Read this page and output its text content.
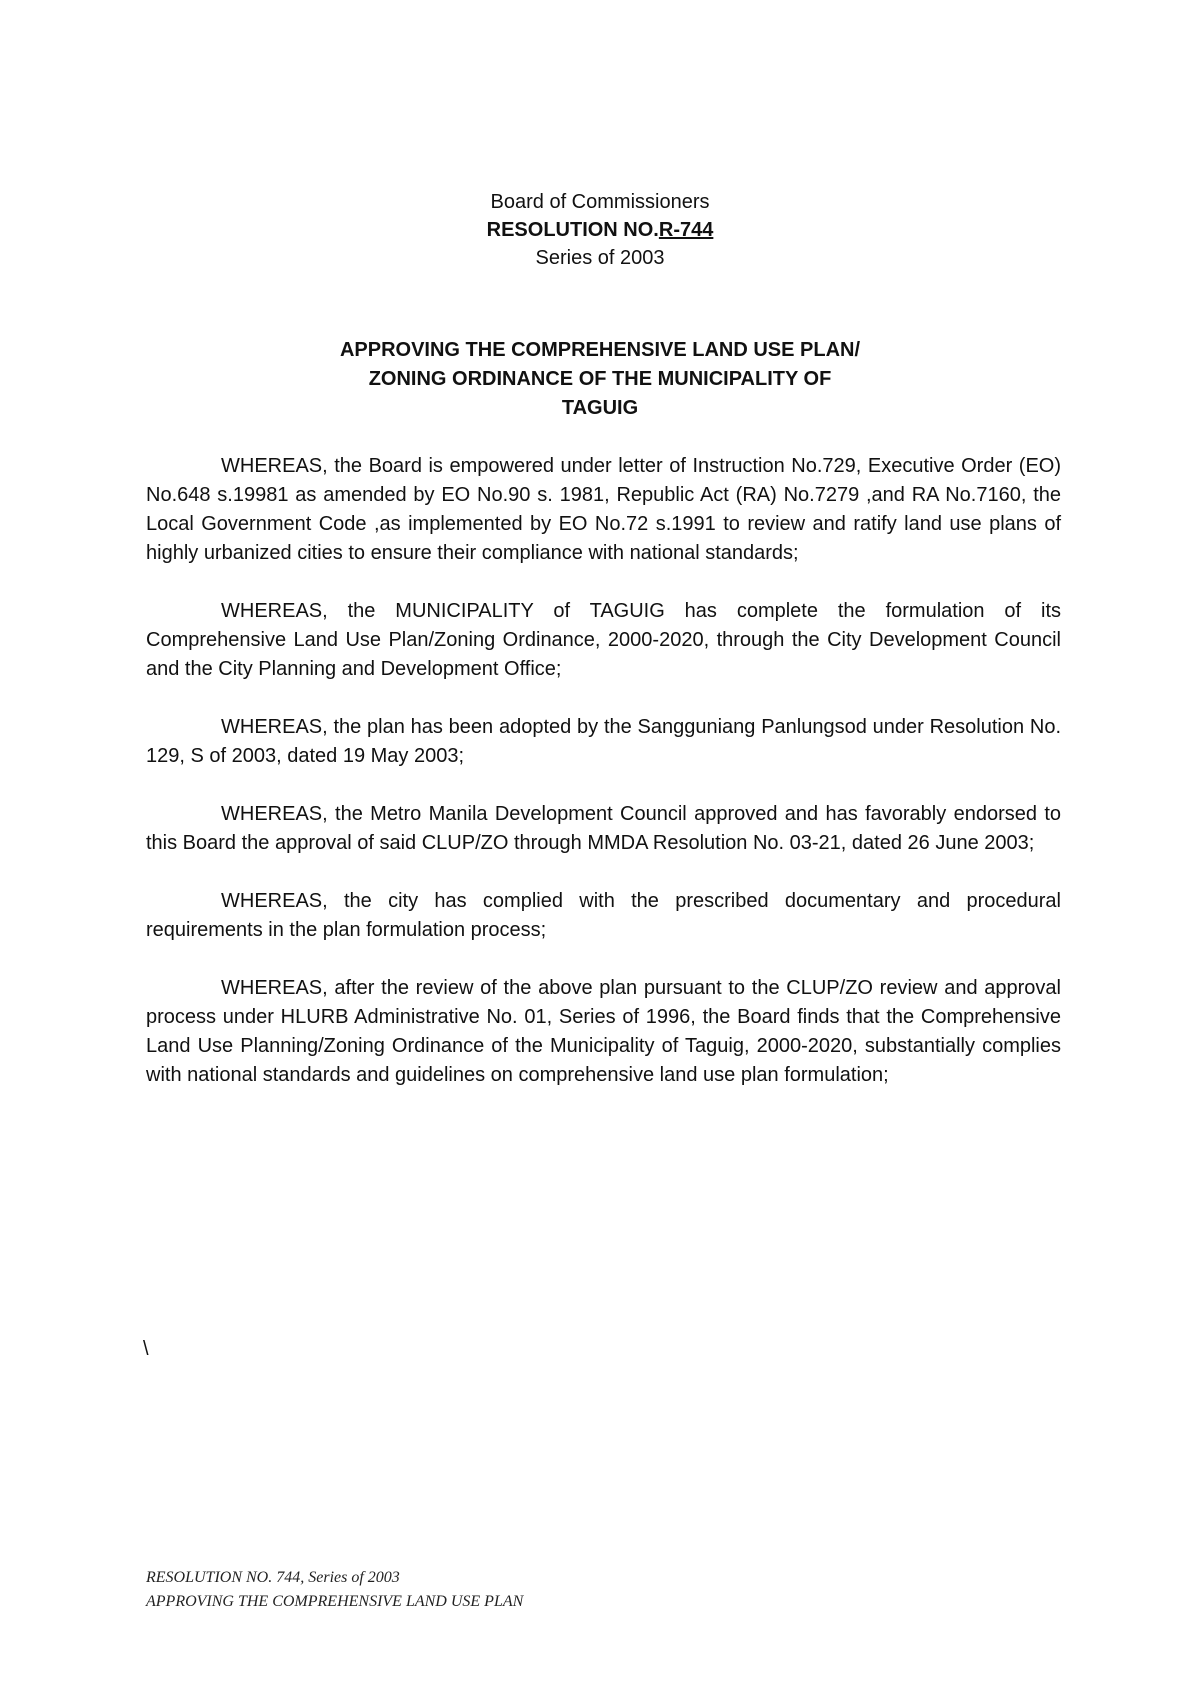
Board of Commissioners
RESOLUTION NO.R-744
Series of 2003
APPROVING THE COMPREHENSIVE LAND USE PLAN/
ZONING ORDINANCE OF THE MUNICIPALITY OF
TAGUIG

WHEREAS, the Board is empowered under letter of Instruction No.729, Executive Order (EO) No.648 s.19981 as amended by EO No.90 s. 1981, Republic Act (RA) No.7279 ,and RA No.7160, the Local Government Code ,as implemented by EO No.72 s.1991 to review and ratify land use plans of highly urbanized cities to ensure their compliance with national standards;

WHEREAS, the MUNICIPALITY of TAGUIG has complete the formulation of its Comprehensive Land Use Plan/Zoning Ordinance, 2000-2020, through the City Development Council and the City Planning and Development Office;

WHEREAS, the plan has been adopted by the Sangguniang Panlungsod under Resolution No. 129, S of 2003, dated 19 May 2003;

WHEREAS, the Metro Manila Development Council approved and has favorably endorsed to this Board the approval of said CLUP/ZO through MMDA Resolution No. 03-21, dated 26 June 2003;

WHEREAS, the city has complied with the prescribed documentary and procedural requirements in the plan formulation process;

WHEREAS, after the review of the above plan pursuant to the CLUP/ZO review and approval process under HLURB Administrative No. 01, Series of 1996, the Board finds that the Comprehensive Land Use Planning/Zoning Ordinance of the Municipality of Taguig, 2000-2020, substantially complies with national standards and guidelines on comprehensive land use plan formulation;

\
RESOLUTION NO. 744, Series of 2003
APPROVING THE COMPREHENSIVE LAND USE PLAN
